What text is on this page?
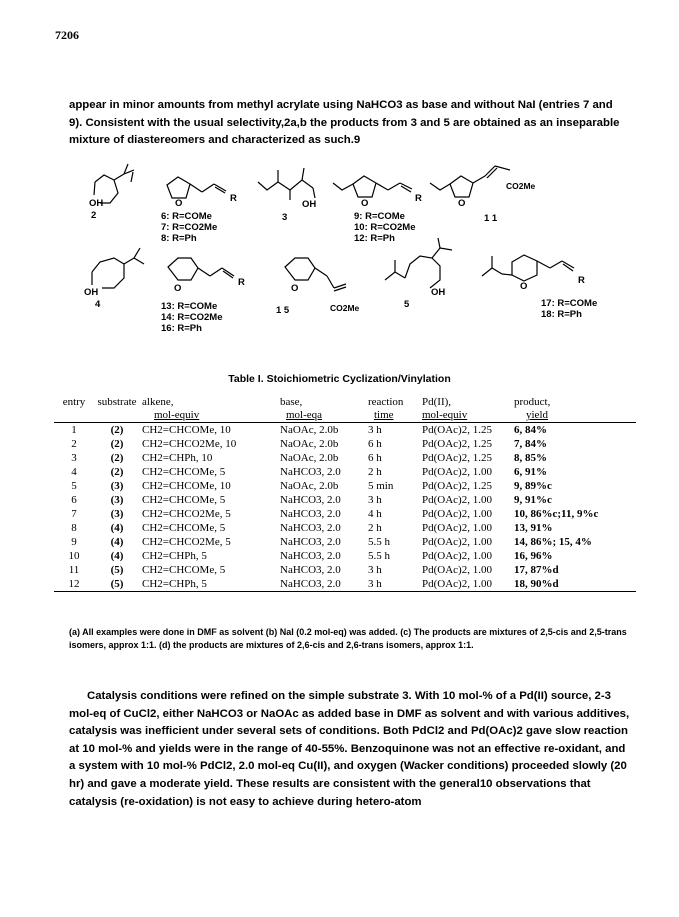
7206
appear in minor amounts from methyl acrylate using NaHCO3 as base and without NaI (entries 7 and 9). Consistent with the usual selectivity,2a,b the products from 3 and 5 are obtained as an inseparable mixture of diastereomers and characterized as such.9
OH
2
O	R
6: R=COMe
7: R=CO2Me
8: R=Ph
OH
3
O	R
9: R=COMe
10: R=CO2Me
12: R=Ph
O
CO2Me
1 1
OH
4
O
R
13: R=COMe
14: R=CO2Me
16: R=Ph
O
1 5	CO2Me
OH
5
O
R
17: R=COMe
18: R=Ph
Table I. Stoichiometric Cyclization/Vinylation
entry	substrate	alkene,	base,	reaction	Pd(II),	product,
		mol-equiv	mol-eqa	time	mol-equiv	yield
1	(2)	CH2=CHCOMe, 10	NaOAc, 2.0b	3 h	Pd(OAc)2, 1.25	6, 84%
2	(2)	CH2=CHCO2Me, 10	NaOAc, 2.0b	6 h	Pd(OAc)2, 1.25	7, 84%
3	(2)	CH2=CHPh, 10	NaOAc, 2.0b	6 h	Pd(OAc)2, 1.25	8, 85%
4	(2)	CH2=CHCOMe, 5	NaHCO3, 2.0	2 h	Pd(OAc)2, 1.00	6, 91%
5	(3)	CH2=CHCOMe, 10	NaOAc, 2.0b	5 min	Pd(OAc)2, 1.25	9, 89%c
6	(3)	CH2=CHCOMe, 5	NaHCO3, 2.0	3 h	Pd(OAc)2, 1.00	9, 91%c
7	(3)	CH2=CHCO2Me, 5	NaHCO3, 2.0	4 h	Pd(OAc)2, 1.00	10, 86%c;11, 9%c
8	(4)	CH2=CHCOMe, 5	NaHCO3, 2.0	2 h	Pd(OAc)2, 1.00	13, 91%
9	(4)	CH2=CHCO2Me, 5	NaHCO3, 2.0	5.5 h	Pd(OAc)2, 1.00	14, 86%; 15, 4%
10	(4)	CH2=CHPh, 5	NaHCO3, 2.0	5.5 h	Pd(OAc)2, 1.00	16, 96%
11	(5)	CH2=CHCOMe, 5	NaHCO3, 2.0	3 h	Pd(OAc)2, 1.00	17, 87%d
12	(5)	CH2=CHPh, 5	NaHCO3, 2.0	3 h	Pd(OAc)2, 1.00	18, 90%d
(a) All examples were done in DMF as solvent (b) NaI (0.2 mol-eq) was added. (c) The products are mixtures of 2,5-cis and 2,5-trans isomers, approx 1:1. (d) the products are mixtures of 2,6-cis and 2,6-trans isomers, approx 1:1.
Catalysis conditions were refined on the simple substrate 3. With 10 mol-% of a Pd(II) source, 2-3 mol-eq of CuCl2, either NaHCO3 or NaOAc as added base in DMF as solvent and with various additives, catalysis was inefficient under several sets of conditions. Both PdCl2 and Pd(OAc)2 gave slow reaction at 10 mol-% and yields were in the range of 40-55%. Benzoquinone was not an effective re-oxidant, and a system with 10 mol-% PdCl2, 2.0 mol-eq Cu(II), and oxygen (Wacker conditions) proceeded slowly (20 hr) and gave a moderate yield. These results are consistent with the general10 observations that catalysis (re-oxidation) is not easy to achieve during hetero-atom
